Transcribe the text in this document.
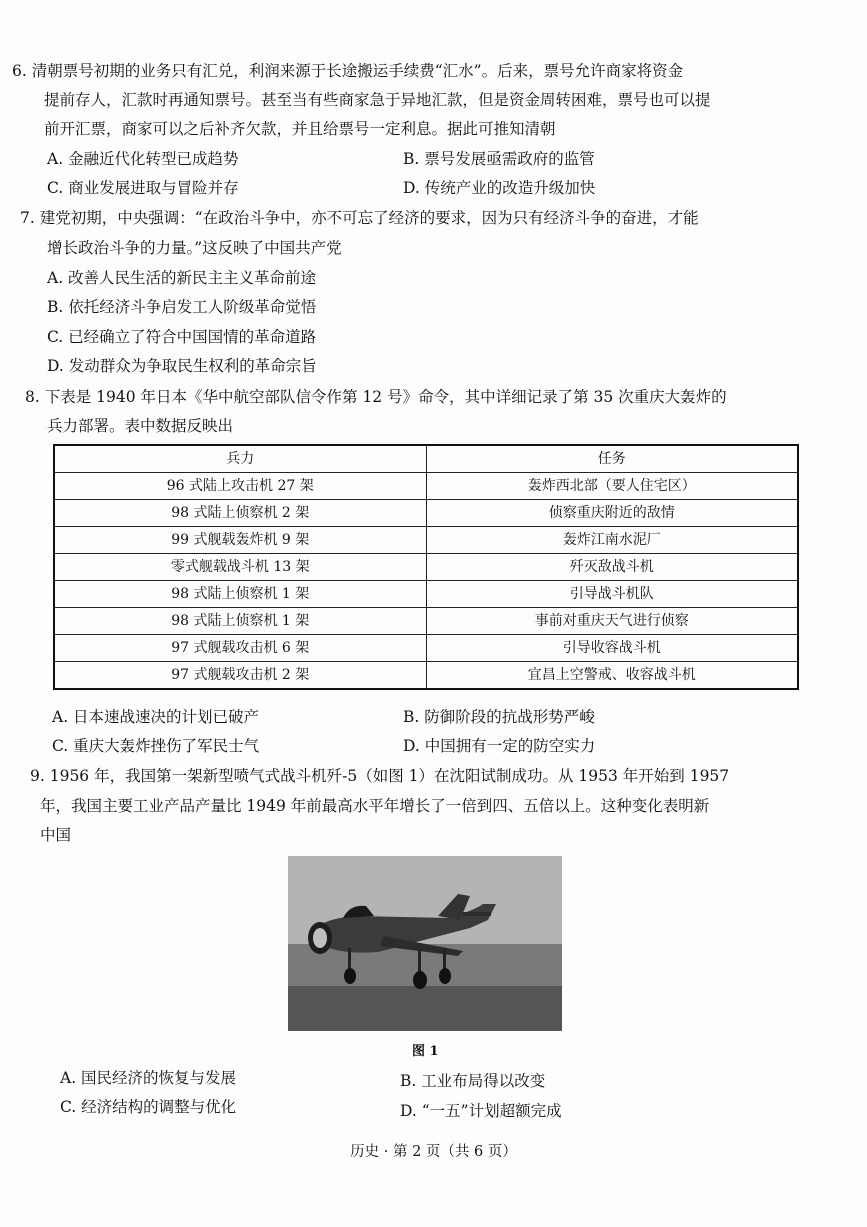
6. 清朝票号初期的业务只有汇兑，利润来源于长途搬运手续费“汇水”。后来，票号允许商家将资金
提前存人，汇款时再通知票号。甚至当有些商家急于异地汇款，但是资金周转困难，票号也可以提
前开汇票，商家可以之后补齐欠款，并且给票号一定利息。据此可推知清朝
A. 金融近代化转型已成趋势	B. 票号发展亟需政府的监管
C. 商业发展进取与冒险并存	D. 传统产业的改造升级加快
7. 建党初期，中央强调：“在政治斗争中，亦不可忘了经济的要求，因为只有经济斗争的奋进，才能
增长政治斗争的力量。”这反映了中国共产党
A. 改善人民生活的新民主主义革命前途
B. 依托经济斗争启发工人阶级革命觉悟
C. 已经确立了符合中国国情的革命道路
D. 发动群众为争取民生权利的革命宗旨
8. 下表是 1940 年日本《华中航空部队信令作第 12 号》命令，其中详细记录了第 35 次重庆大轰炸的
兵力部署。表中数据反映出
兵力	任务
96 式陆上攻击机 27 架	轰炸西北部（要人住宅区）
98 式陆上侦察机 2 架	侦察重庆附近的敌情
99 式舰载轰炸机 9 架	轰炸江南水泥厂
零式舰载战斗机 13 架	歼灭敌战斗机
98 式陆上侦察机 1 架	引导战斗机队
98 式陆上侦察机 1 架	事前对重庆天气进行侦察
97 式舰载攻击机 6 架	引导收容战斗机
97 式舰载攻击机 2 架	宜昌上空警戒、收容战斗机
A. 日本速战速决的计划已破产	B. 防御阶段的抗战形势严峻
C. 重庆大轰炸挫伤了军民士气	D. 中国拥有一定的防空实力
9. 1956 年，我国第一架新型喷气式战斗机歼-5（如图 1）在沈阳试制成功。从 1953 年开始到 1957
年，我国主要工业产品产量比 1949 年前最高水平年增长了一倍到四、五倍以上。这种变化表明新
中国
图 1
A. 国民经济的恢复与发展	B. 工业布局得以改变
C. 经济结构的调整与优化	D. “一五”计划超额完成
历史 · 第 2 页（共 6 页）
